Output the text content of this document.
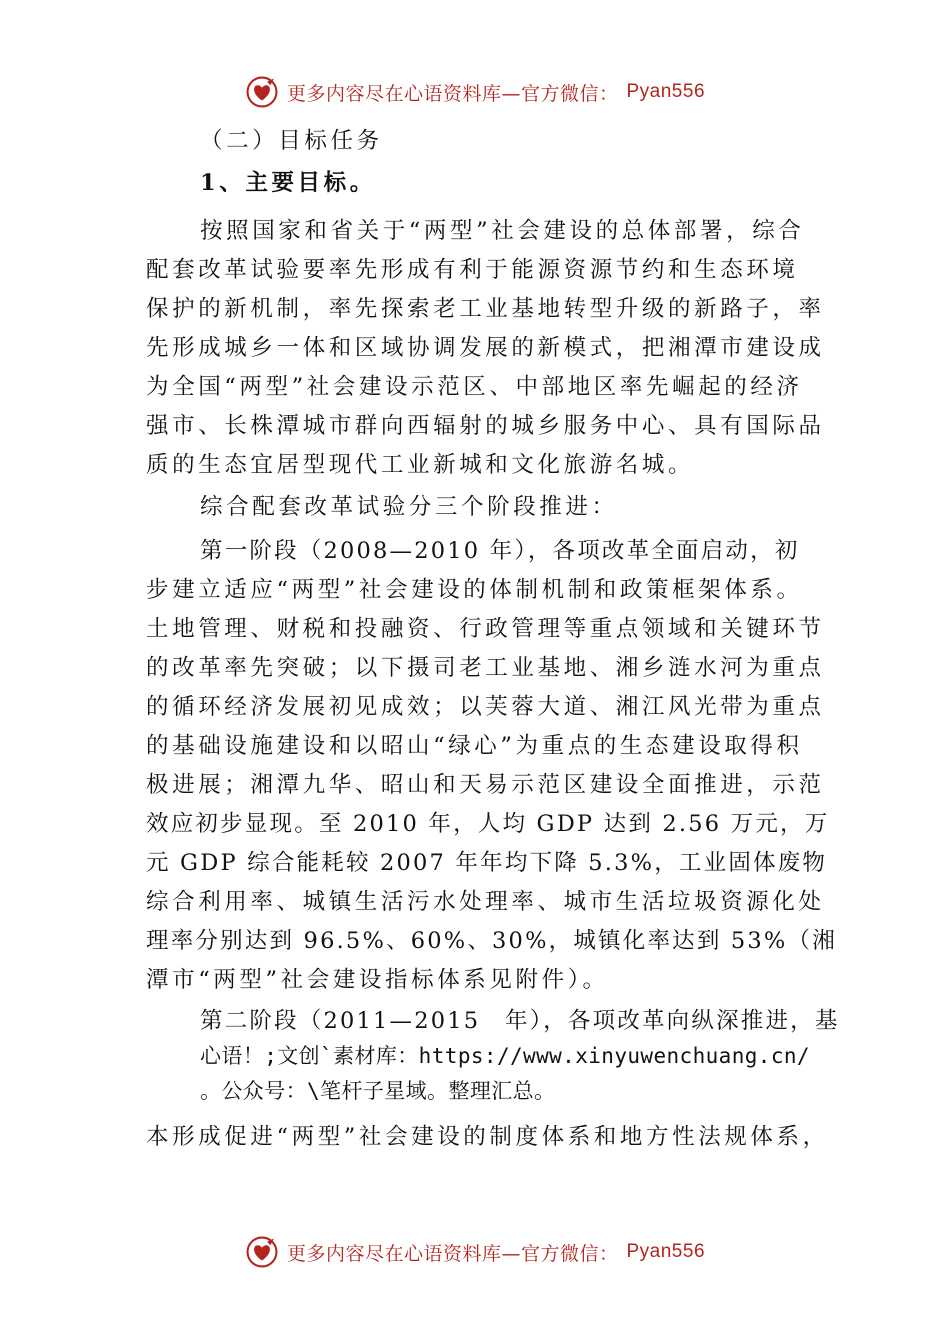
更多内容尽在心语资料库—官方微信： Pyan556
（二）目标任务
1、主要目标。
按照国家和省关于“两型”社会建设的总体部署，综合
配套改革试验要率先形成有利于能源资源节约和生态环境
保护的新机制，率先探索老工业基地转型升级的新路子，率
先形成城乡一体和区域协调发展的新模式，把湘潭市建设成
为全国“两型”社会建设示范区、中部地区率先崛起的经济
强市、长株潭城市群向西辐射的城乡服务中心、具有国际品
质的生态宜居型现代工业新城和文化旅游名城。
综合配套改革试验分三个阶段推进：
第一阶段（2008—2010 年），各项改革全面启动，初
步建立适应“两型”社会建设的体制机制和政策框架体系。
土地管理、财税和投融资、行政管理等重点领域和关键环节
的改革率先突破；以下摄司老工业基地、湘乡涟水河为重点
的循环经济发展初见成效；以芙蓉大道、湘江风光带为重点
的基础设施建设和以昭山“绿心”为重点的生态建设取得积
极进展；湘潭九华、昭山和天易示范区建设全面推进，示范
效应初步显现。至 2010 年，人均 GDP 达到 2.56 万元，万
元 GDP 综合能耗较 2007 年年均下降 5.3%，工业固体废物
综合利用率、城镇生活污水处理率、城市生活垃圾资源化处
理率分别达到 96.5%、60%、30%，城镇化率达到 53%（湘
潭市“两型”社会建设指标体系见附件）。
第二阶段（2011—2015　年），各项改革向纵深推进，基
心语！;文创`素材库：https://www.xinyuwenchuang.cn/
。公众号：\笔杆子星域。整理汇总。
本形成促进“两型”社会建设的制度体系和地方性法规体系，
更多内容尽在心语资料库—官方微信： Pyan556
